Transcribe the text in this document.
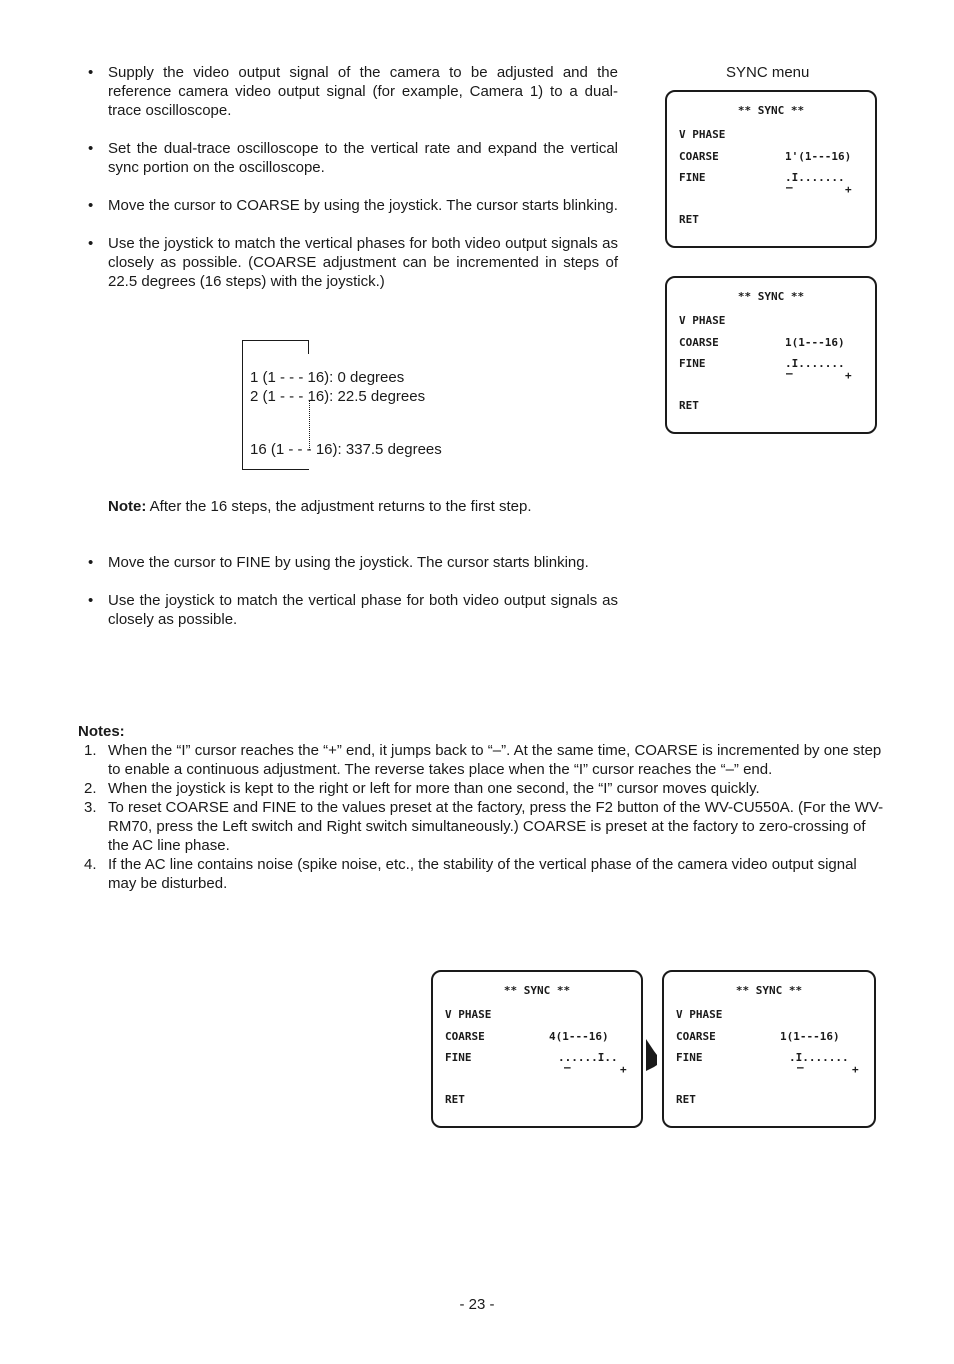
• Supply the video output signal of the camera to be adjusted and the reference camera video output signal (for example, Camera 1) to a dual-trace oscilloscope.
• Set the dual-trace oscilloscope to the vertical rate and expand the vertical sync portion on the oscilloscope.
• Move the cursor to COARSE by using the joystick. The cursor starts blinking.
• Use the joystick to match the vertical phases for both video output signals as closely as possible. (COARSE adjustment can be incremented in steps of 22.5 degrees (16 steps) with the joystick.)
1 (1 - - - 16): 0 degrees
2 (1 - - - 16): 22.5 degrees
16 (1 - - - 16): 337.5 degrees
Note: After the 16 steps, the adjustment returns to the first step.
• Move the cursor to FINE by using the joystick. The cursor starts blinking.
• Use the joystick to match the vertical phase for both video output signals as closely as possible.
SYNC menu
** SYNC **
V PHASE
COARSE	1'(1---16)
FINE	.I.......
–	+
RET
** SYNC **
V PHASE
COARSE	1(1---16)
FINE	.I.......
–	+
RET
Notes:
1. When the “I” cursor reaches the “+” end, it jumps back to “–”. At the same time, COARSE is incremented by one step to enable a continuous adjustment. The reverse takes place when the “I” cursor reaches the “–” end.
2. When the joystick is kept to the right or left for more than one second, the “I” cursor moves quickly.
3. To reset COARSE and FINE to the values preset at the factory, press the F2 button of the WV-CU550A. (For the WV-RM70, press the Left switch and Right switch simultaneously.) COARSE is preset at the factory to zero-crossing of the AC line phase.
4. If the AC line contains noise (spike noise, etc., the stability of the vertical phase of the camera video output signal may be disturbed.
** SYNC **
V PHASE
COARSE	4(1---16)
FINE	......I..
–	+
RET
** SYNC **
V PHASE
COARSE	1(1---16)
FINE	.I.......
–	+
RET
- 23 -
